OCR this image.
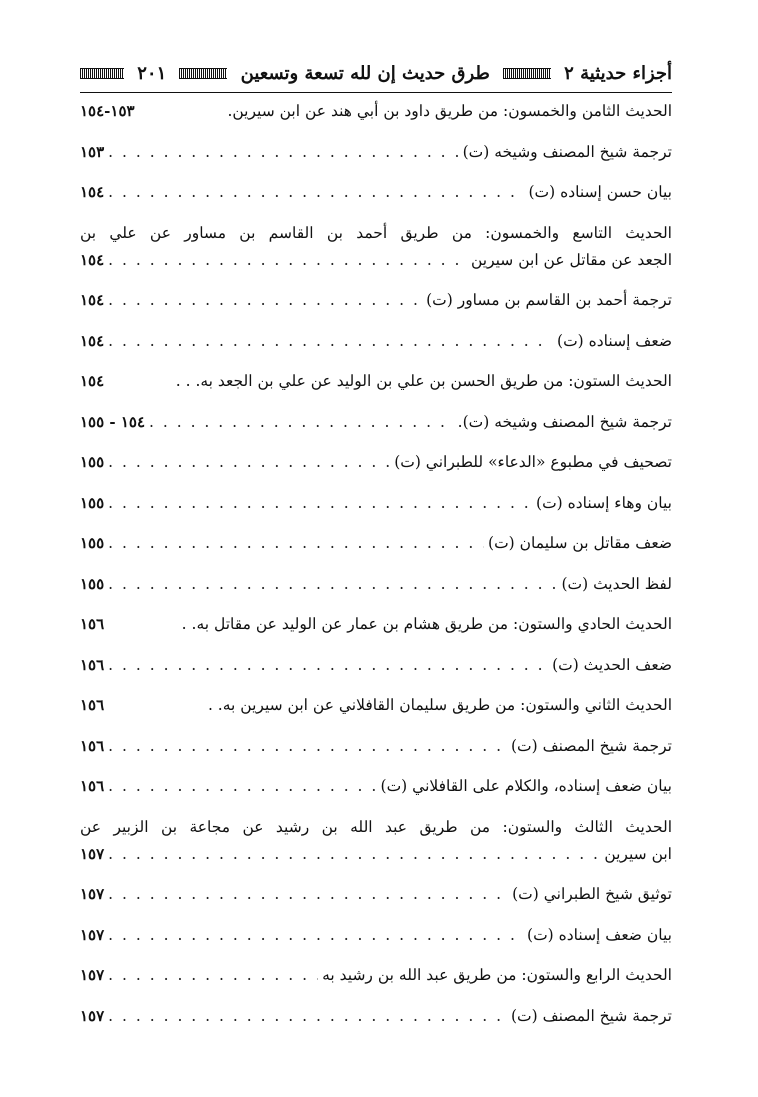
أجزاء حديثية ٢
طرق حديث إن لله تسعة وتسعين
٢٠١
الحديث الثامن والخمسون: من طريق داود بن أبي هند عن ابن سيرين.
١٥٣-١٥٤
ترجمة شيخ المصنف وشيخه (ت)
. . .
١٥٣
بيان حسن إسناده (ت)
. . .
١٥٤
الحديث التاسع والخمسون: من طريق أحمد بن القاسم بن مساور عن علي بن
الجعد عن مقاتل عن ابن سيرين
. . .
١٥٤
ترجمة أحمد بن القاسم بن مساور (ت)
. . .
١٥٤
ضعف إسناده (ت)
. . .
١٥٤
الحديث الستون: من طريق الحسن بن علي بن الوليد عن علي بن الجعد به. . .
١٥٤
ترجمة شيخ المصنف وشيخه (ت).
. . .
١٥٤ - ١٥٥
تصحيف في مطبوع «الدعاء» للطبراني (ت)
. . .
١٥٥
بيان وهاء إسناده (ت)
. . .
١٥٥
ضعف مقاتل بن سليمان (ت)
. . .
١٥٥
لفظ الحديث (ت)
. . .
١٥٥
الحديث الحادي والستون: من طريق هشام بن عمار عن الوليد عن مقاتل به. .
١٥٦
ضعف الحديث (ت)
. . .
١٥٦
الحديث الثاني والستون: من طريق سليمان القافلاني عن ابن سيرين به. .
١٥٦
ترجمة شيخ المصنف (ت)
. . .
١٥٦
بيان ضعف إسناده، والكلام على القافلاني (ت)
. . .
١٥٦
الحديث الثالث والستون: من طريق عبد الله بن رشيد عن مجاعة بن الزبير عن
ابن سيرين
. . .
١٥٧
توثيق شيخ الطبراني (ت)
. . .
١٥٧
بيان ضعف إسناده (ت)
. . .
١٥٧
الحديث الرابع والستون: من طريق عبد الله بن رشيد به
. . .
١٥٧
ترجمة شيخ المصنف (ت)
. . .
١٥٧
